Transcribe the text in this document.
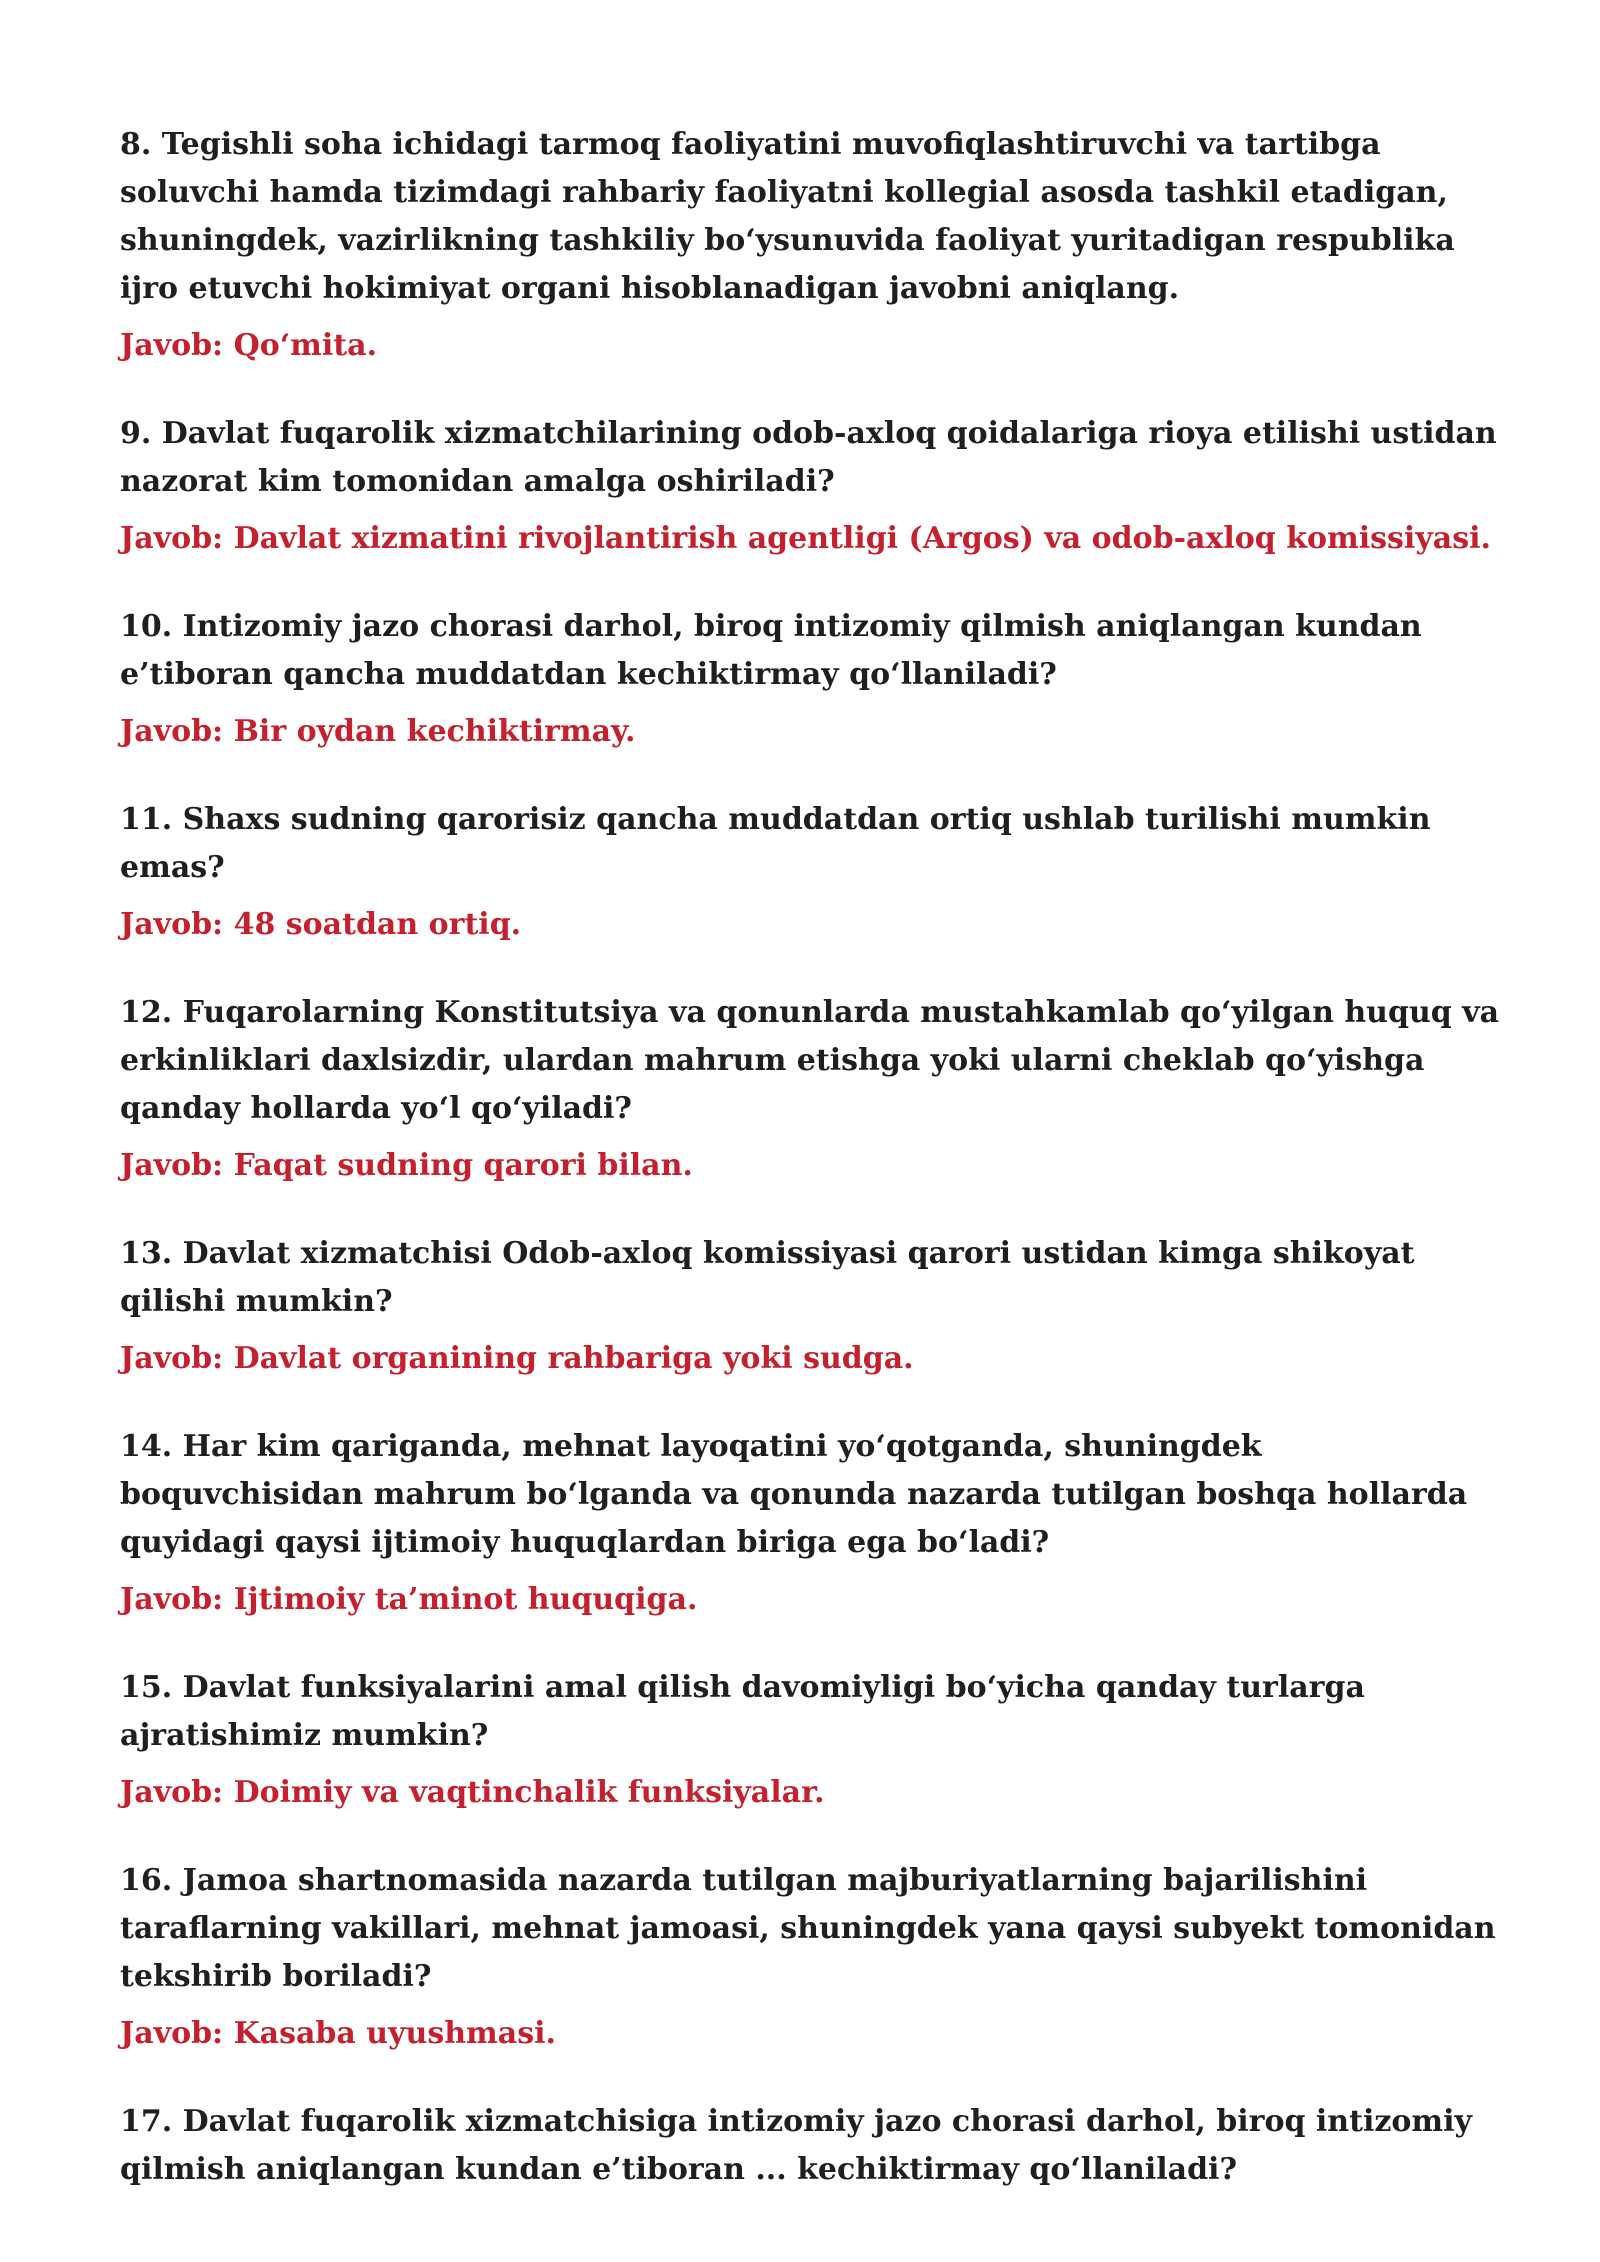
8. Tegishli soha ichidagi tarmoq faoliyatini muvofiqlashtiruvchi va tartibga soluvchi hamda tizimdagi rahbariy faoliyatni kollegial asosda tashkil etadigan, shuningdek, vazirlikning tashkiliy bo‘ysunuvida faoliyat yuritadigan respublika ijro etuvchi hokimiyat organi hisoblanadigan javobni aniqlang.

Javob: Qo‘mita.

9. Davlat fuqarolik xizmatchilarining odob-axloq qoidalariga rioya etilishi ustidan nazorat kim tomonidan amalga oshiriladi?

Javob: Davlat xizmatini rivojlantirish agentligi (Argos) va odob-axloq komissiyasi.

10. Intizomiy jazo chorasi darhol, biroq intizomiy qilmish aniqlangan kundan e’tiboran qancha muddatdan kechiktirmay qo‘llaniladi?

Javob: Bir oydan kechiktirmay.

11. Shaxs sudning qarorisiz qancha muddatdan ortiq ushlab turilishi mumkin emas?

Javob: 48 soatdan ortiq.

12. Fuqarolarning Konstitutsiya va qonunlarda mustahkamlab qo‘yilgan huquq va erkinliklari daxlsizdir, ulardan mahrum etishga yoki ularni cheklab qo‘yishga qanday hollarda yo‘l qo‘yiladi?

Javob: Faqat sudning qarori bilan.

13. Davlat xizmatchisi Odob-axloq komissiyasi qarori ustidan kimga shikoyat qilishi mumkin?

Javob: Davlat organining rahbariga yoki sudga.

14. Har kim qariganda, mehnat layoqatini yo‘qotganda, shuningdek boquvchisidan mahrum bo‘lganda va qonunda nazarda tutilgan boshqa hollarda quyidagi qaysi ijtimoiy huquqlardan biriga ega bo‘ladi?

Javob: Ijtimoiy ta’minot huquqiga.

15. Davlat funksiyalarini amal qilish davomiyligi bo‘yicha qanday turlarga ajratishimiz mumkin?

Javob: Doimiy va vaqtinchalik funksiyalar.

16. Jamoa shartnomasida nazarda tutilgan majburiyatlarning bajarilishini taraflarning vakillari, mehnat jamoasi, shuningdek yana qaysi subyekt tomonidan tekshirib boriladi?

Javob: Kasaba uyushmasi.

17. Davlat fuqarolik xizmatchisiga intizomiy jazo chorasi darhol, biroq intizomiy qilmish aniqlangan kundan e’tiboran ... kechiktirmay qo‘llaniladi?
